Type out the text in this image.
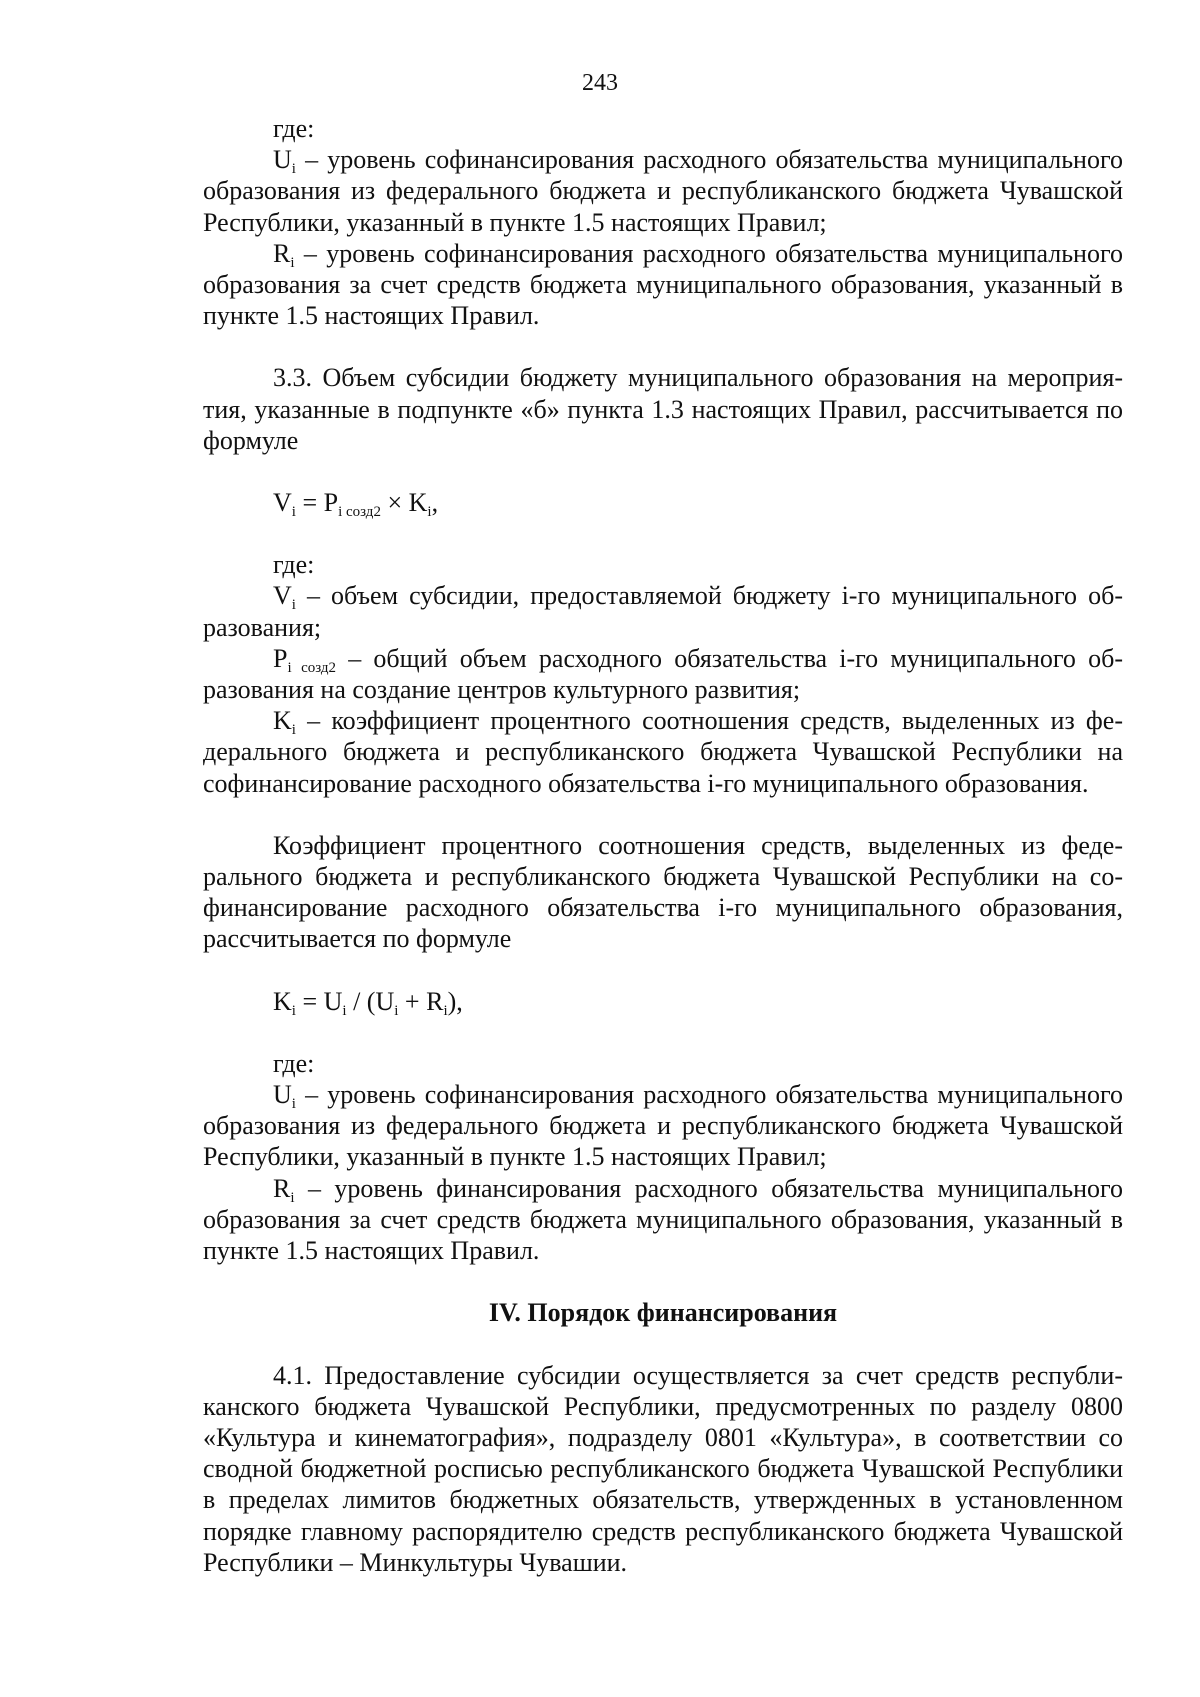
243

где:

$U_i$ – уровень софинансирования расходного обязательства муниципального образования из федерального бюджета и республиканского бюджета Чувашской Республики, указанный в пункте 1.5 настоящих Правил;

$R_i$ – уровень софинансирования расходного обязательства муниципального образования за счет средств бюджета муниципального образования, указанный в пункте 1.5 настоящих Правил.

3.3. Объем субсидии бюджету муниципального образования на мероприятия, указанные в подпункте «б» пункта 1.3 настоящих Правил, рассчитывается по формуле

$V_i = P_{i созд2} \times K_i$,

где:

$V_i$ – объем субсидии, предоставляемой бюджету i-го муниципального образования;

$P_{i созд2}$ – общий объем расходного обязательства i-го муниципального образования на создание центров культурного развития;

$K_i$ – коэффициент процентного соотношения средств, выделенных из федерального бюджета и республиканского бюджета Чувашской Республики на софинансирование расходного обязательства i-го муниципального образования.

Коэффициент процентного соотношения средств, выделенных из федерального бюджета и республиканского бюджета Чувашской Республики на софинансирование расходного обязательства i-го муниципального образования, рассчитывается по формуле

$K_i = U_i / (U_i + R_i)$,

где:

$U_i$ – уровень софинансирования расходного обязательства муниципального образования из федерального бюджета и республиканского бюджета Чувашской Республики, указанный в пункте 1.5 настоящих Правил;

$R_i$ – уровень финансирования расходного обязательства муниципального образования за счет средств бюджета муниципального образования, указанный в пункте 1.5 настоящих Правил.

IV. Порядок финансирования

4.1. Предоставление субсидии осуществляется за счет средств республиканского бюджета Чувашской Республики, предусмотренных по разделу 0800 «Культура и кинематография», подразделу 0801 «Культура», в соответствии со сводной бюджетной росписью республиканского бюджета Чувашской Республики в пределах лимитов бюджетных обязательств, утвержденных в установленном порядке главному распорядителю средств республиканского бюджета Чувашской Республики – Минкультуры Чувашии.
